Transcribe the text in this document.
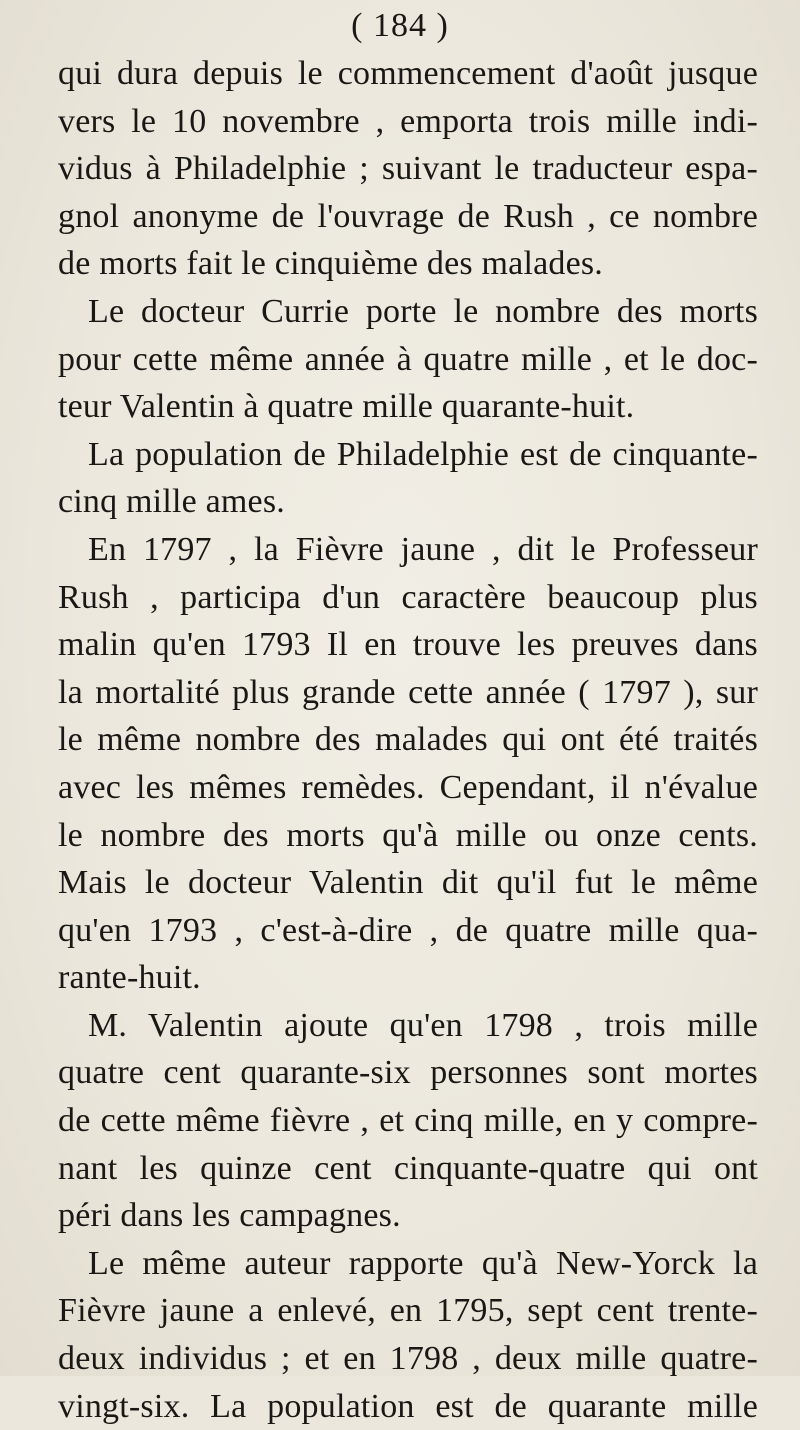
( 184 )
qui dura depuis le commencement d'août jusque
vers le 10 novembre , emporta trois mille indi-
vidus à Philadelphie ; suivant le traducteur espa-
gnol anonyme de l'ouvrage de Rush , ce nombre
de morts fait le cinquième des malades.
Le docteur Currie porte le nombre des morts
pour cette même année à quatre mille , et le doc-
teur Valentin à quatre mille quarante-huit.
La population de Philadelphie est de cinquante-
cinq mille ames.
En 1797 , la Fièvre jaune , dit le Professeur
Rush , participa d'un caractère beaucoup plus
malin qu'en 1793 Il en trouve les preuves dans
la mortalité plus grande cette année ( 1797 ), sur
le même nombre des malades qui ont été traités
avec les mêmes remèdes. Cependant, il n'évalue
le nombre des morts qu'à mille ou onze cents.
Mais le docteur Valentin dit qu'il fut le même
qu'en 1793 , c'est-à-dire , de quatre mille qua-
rante-huit.
M. Valentin ajoute qu'en 1798 , trois mille
quatre cent quarante-six personnes sont mortes
de cette même fièvre , et cinq mille, en y compre-
nant les quinze cent cinquante-quatre qui ont
péri dans les campagnes.
Le même auteur rapporte qu'à New-Yorck la
Fièvre jaune a enlevé, en 1795, sept cent trente-
deux individus ; et en 1798 , deux mille quatre-
vingt-six. La population est de quarante mille
